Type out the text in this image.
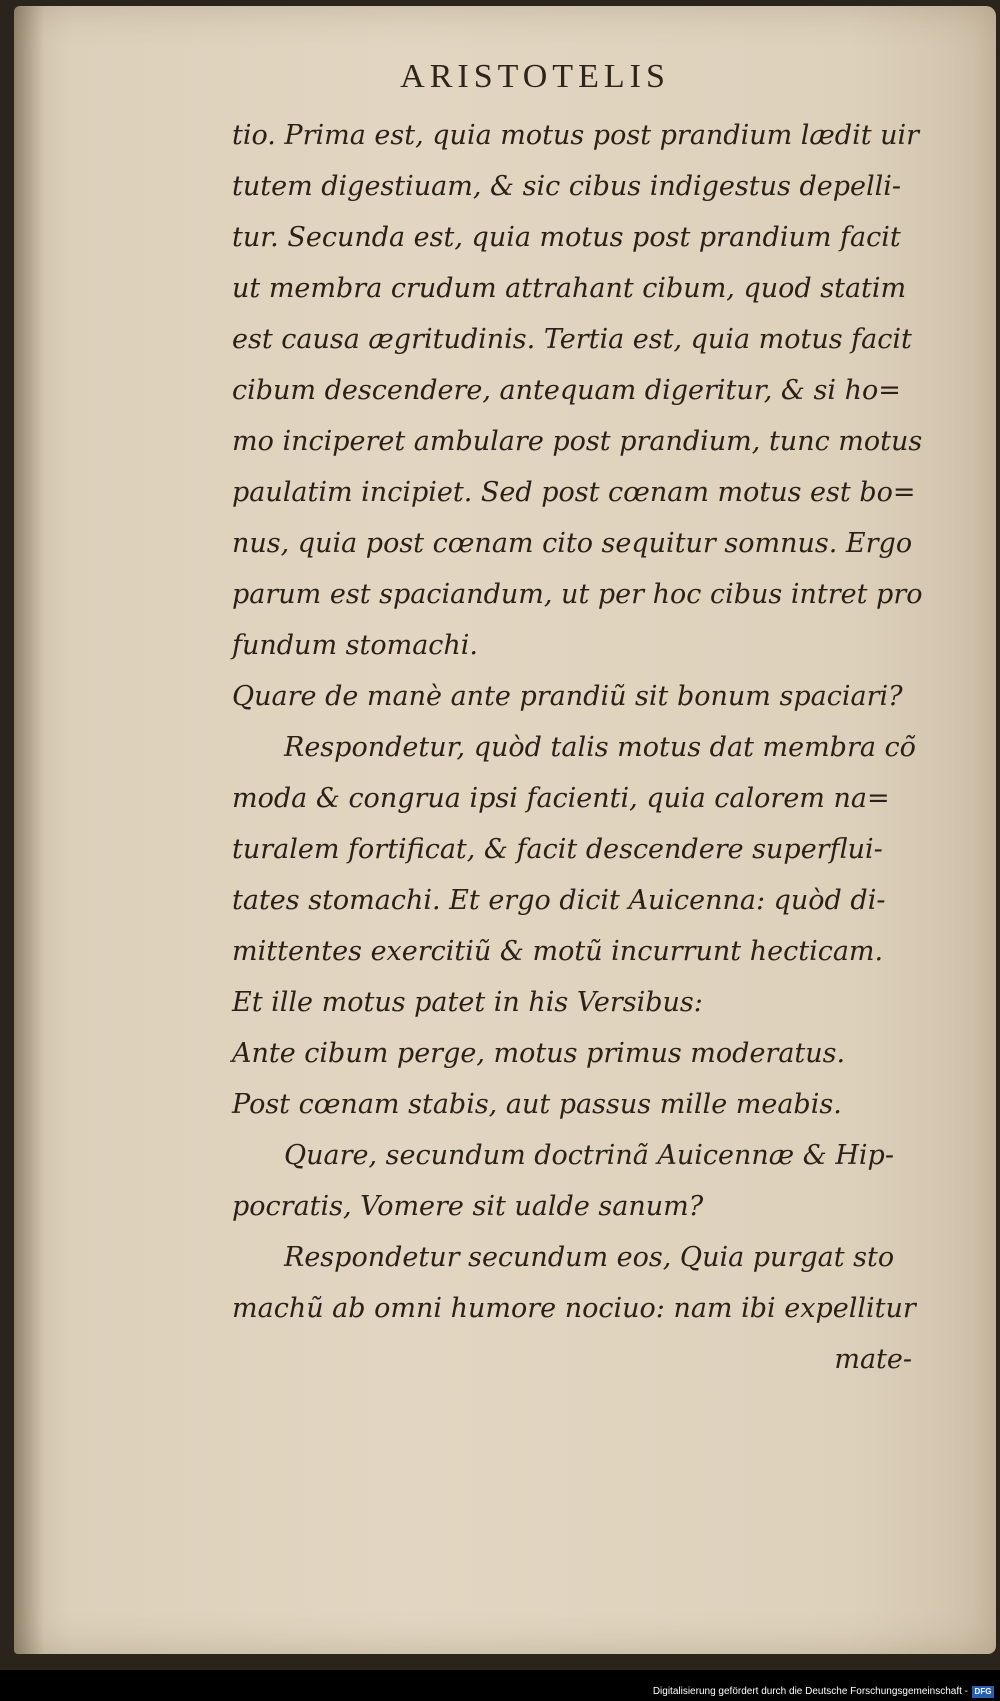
ARISTOTELIS
tio. Prima est, quia motus post prandium lædit uir
tutem digestiuam, & sic cibus indigestus depelli-
tur. Secunda est, quia motus post prandium facit
ut membra crudum attrahant cibum, quod statim
est causa ægritudinis. Tertia est, quia motus facit
cibum descendere, antequam digeritur, & si ho=
mo inciperet ambulare post prandium, tunc motus
paulatim incipiet. Sed post cœnam motus est bo=
nus, quia post cœnam cito sequitur somnus. Ergo
parum est spaciandum, ut per hoc cibus intret pro
fundum stomachi.
Quare de manè ante prandiũ sit bonum spaciari?
Respondetur, quòd talis motus dat membra cõ
moda & congrua ipsi facienti, quia calorem na=
turalem fortificat, & facit descendere superflui-
tates stomachi. Et ergo dicit Auicenna: quòd di-
mittentes exercitiũ & motũ incurrunt hecticam.
Et ille motus patet in his Versibus:
Ante cibum perge, motus primus moderatus.
Post cœnam stabis, aut passus mille meabis.
Quare, secundum doctrinã Auicennæ & Hip-
pocratis, Vomere sit ualde sanum?
Respondetur secundum eos, Quia purgat sto
machũ ab omni humore nociuo: nam ibi expellitur
mate-
Digitalisierung gefördert durch die Deutsche Forschungsgemeinschaft - DFG
